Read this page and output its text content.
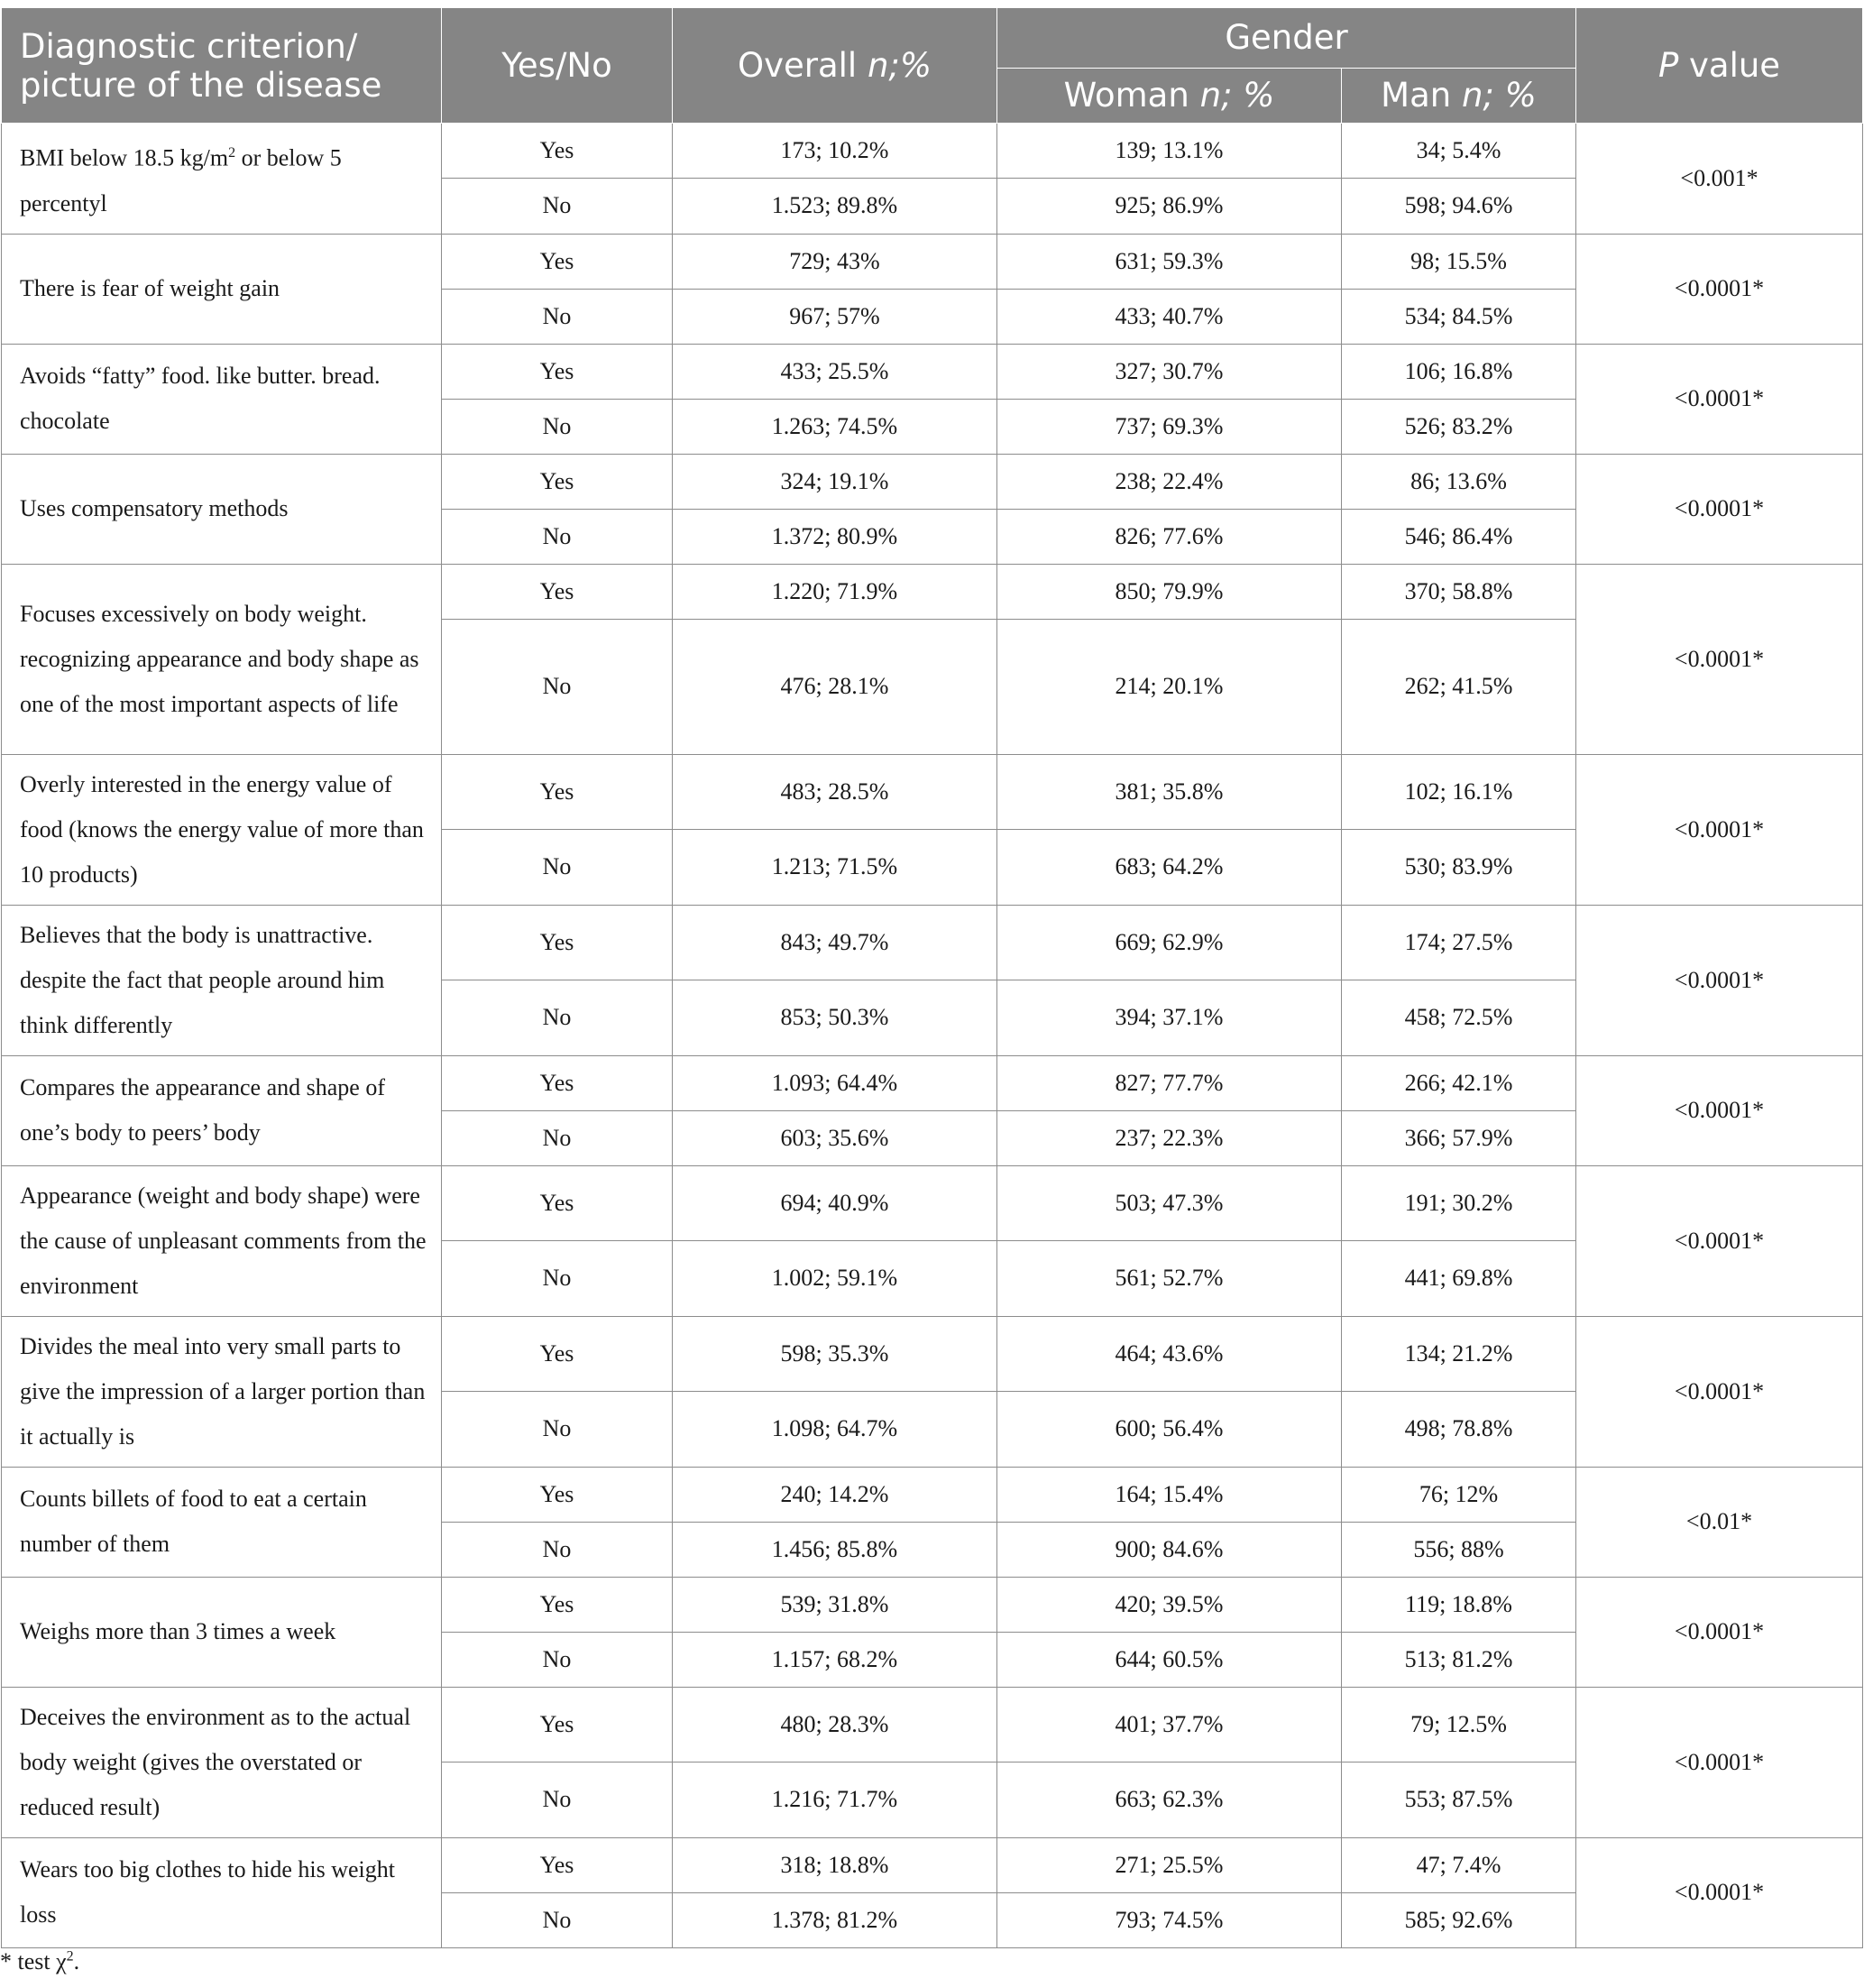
Diagnostic criterion/ picture of the disease	Yes/No	Overall n;%	Gender		P value
			Woman n; %	Man n; %	
BMI below 18.5 $kg/m^2$ or below 5 percentyl	Yes	173; 10.2%	139; 13.1%	34; 5.4%	<0.001*
	No	1.523; 89.8%	925; 86.9%	598; 94.6%	
There is fear of weight gain	Yes	729; 43%	631; 59.3%	98; 15.5%	<0.0001*
	No	967; 57%	433; 40.7%	534; 84.5%	
Avoids “fatty” food. like butter. bread. chocolate	Yes	433; 25.5%	327; 30.7%	106; 16.8%	<0.0001*
	No	1.263; 74.5%	737; 69.3%	526; 83.2%	
Uses compensatory methods	Yes	324; 19.1%	238; 22.4%	86; 13.6%	<0.0001*
	No	1.372; 80.9%	826; 77.6%	546; 86.4%	
Focuses excessively on body weight. recognizing appearance and body shape as one of the most important aspects of life	Yes	1.220; 71.9%	850; 79.9%	370; 58.8%	<0.0001*
	No	476; 28.1%	214; 20.1%	262; 41.5%	
Overly interested in the energy value of food (knows the energy value of more than 10 products)	Yes	483; 28.5%	381; 35.8%	102; 16.1%	<0.0001*
	No	1.213; 71.5%	683; 64.2%	530; 83.9%	
Believes that the body is unattractive. despite the fact that people around him think differently	Yes	843; 49.7%	669; 62.9%	174; 27.5%	<0.0001*
	No	853; 50.3%	394; 37.1%	458; 72.5%	
Compares the appearance and shape of one’s body to peers’ body	Yes	1.093; 64.4%	827; 77.7%	266; 42.1%	<0.0001*
	No	603; 35.6%	237; 22.3%	366; 57.9%	
Appearance (weight and body shape) were the cause of unpleasant comments from the environment	Yes	694; 40.9%	503; 47.3%	191; 30.2%	<0.0001*
	No	1.002; 59.1%	561; 52.7%	441; 69.8%	
Divides the meal into very small parts to give the impression of a larger portion than it actually is	Yes	598; 35.3%	464; 43.6%	134; 21.2%	<0.0001*
	No	1.098; 64.7%	600; 56.4%	498; 78.8%	
Counts billets of food to eat a certain number of them	Yes	240; 14.2%	164; 15.4%	76; 12%	<0.01*
	No	1.456; 85.8%	900; 84.6%	556; 88%	
Weighs more than 3 times a week	Yes	539; 31.8%	420; 39.5%	119; 18.8%	<0.0001*
	No	1.157; 68.2%	644; 60.5%	513; 81.2%	
Deceives the environment as to the actual body weight (gives the overstated or reduced result)	Yes	480; 28.3%	401; 37.7%	79; 12.5%	<0.0001*
	No	1.216; 71.7%	663; 62.3%	553; 87.5%	
Wears too big clothes to hide his weight loss	Yes	318; 18.8%	271; 25.5%	47; 7.4%	<0.0001*
	No	1.378; 81.2%	793; 74.5%	585; 92.6%	
* test $\chi^2$.
